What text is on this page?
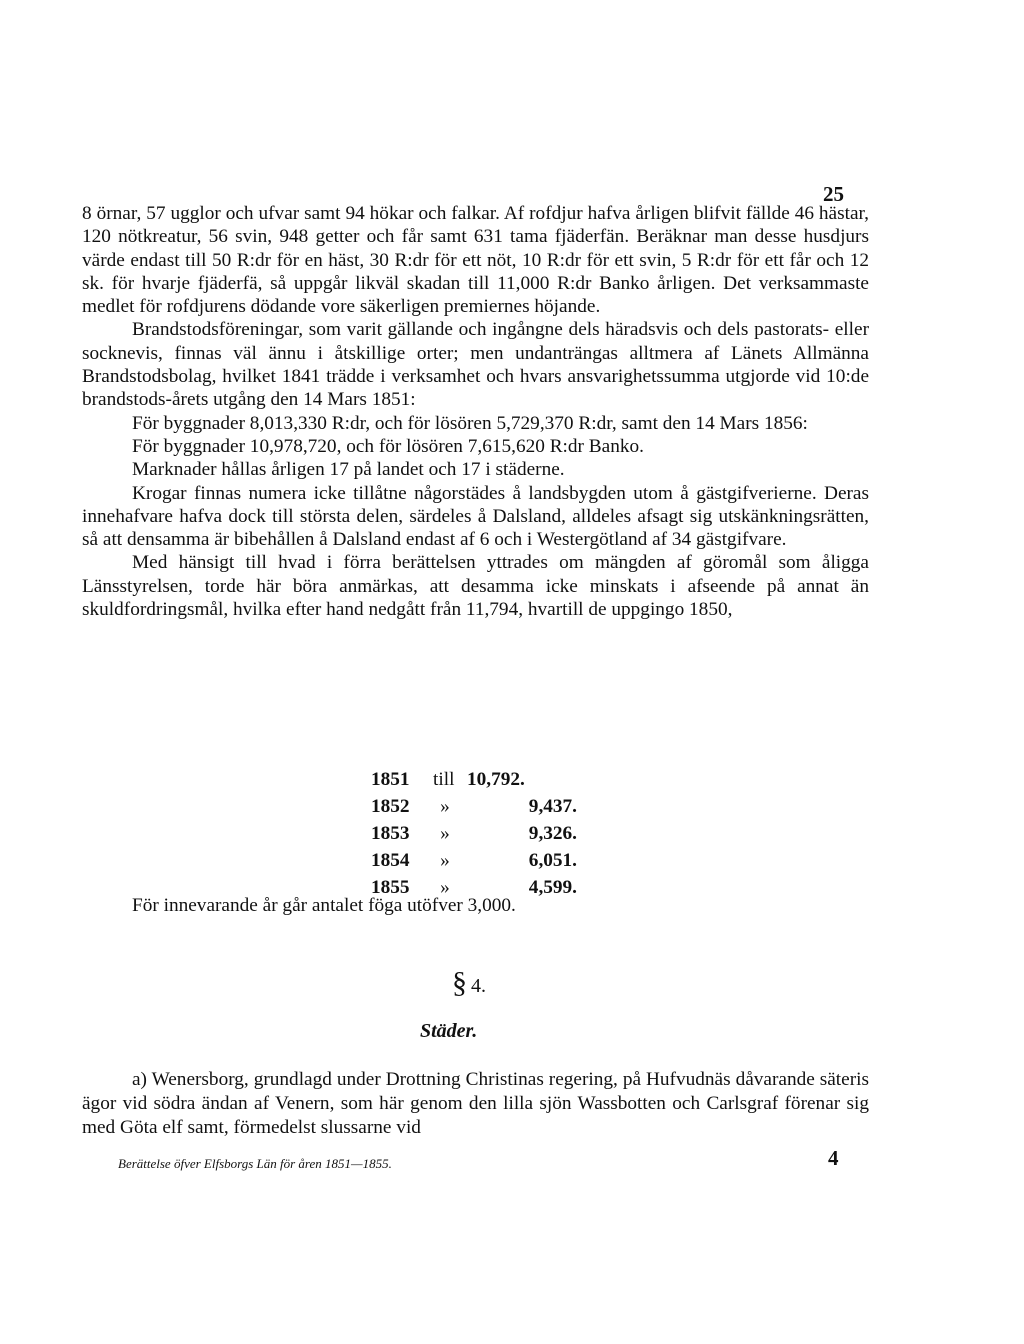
25

8 örnar, 57 ugglor och ufvar samt 94 hökar och falkar. Af rofdjur hafva årligen blifvit fällde 46 hästar, 120 nötkreatur, 56 svin, 948 getter och får samt 631 tama fjäderfän. Beräknar man desse husdjurs värde endast till 50 R:dr för en häst, 30 R:dr för ett nöt, 10 R:dr för ett svin, 5 R:dr för ett får och 12 sk. för hvarje fjäderfä, så uppgår likväl skadan till 11,000 R:dr Banko årligen. Det verksammaste medlet för rofdjurens dödande vore säkerligen premiernes höjande.

Brandstodsföreningar, som varit gällande och ingångne dels häradsvis och dels pastorats- eller socknevis, finnas väl ännu i åtskillige orter; men undanträngas alltmera af Länets Allmänna Brandstodsbolag, hvilket 1841 trädde i verksamhet och hvars ansvarighetssumma utgjorde vid 10:de brandstods-årets utgång den 14 Mars 1851:

För byggnader 8,013,330 R:dr, och för lösören 5,729,370 R:dr, samt den 14 Mars 1856:

För byggnader 10,978,720, och för lösören 7,615,620 R:dr Banko.

Marknader hållas årligen 17 på landet och 17 i städerne.

Krogar finnas numera icke tillåtne någorstädes å landsbygden utom å gästgifverierne. Deras innehafvare hafva dock till största delen, särdeles å Dalsland, alldeles afsagt sig utskänkningsrätten, så att densamma är bibehållen å Dalsland endast af 6 och i Westergötland af 34 gästgifvare.

Med hänsigt till hvad i förra berättelsen yttrades om mängden af göromål som åligga Länsstyrelsen, torde här böra anmärkas, att desamma icke minskats i afseende på annat än skuldfordringsmål, hvilka efter hand nedgått från 11,794, hvartill de uppgingo 1850,

1851	till 10,792.
1852	»	9,437.
1853	»	9,326.
1854	»	6,051.
1855	»	4,599.
För innevarande år går antalet föga utöfver 3,000.
§ 4.
Städer.

a) Wenersborg, grundlagd under Drottning Christinas regering, på Hufvudnäs dåvarande säteris ägor vid södra ändan af Venern, som här genom den lilla sjön Wassbotten och Carlsgraf förenar sig med Göta elf samt, förmedelst slussarne vid

Berättelse öfver Elfsborgs Län för åren 1851—1855.	4
